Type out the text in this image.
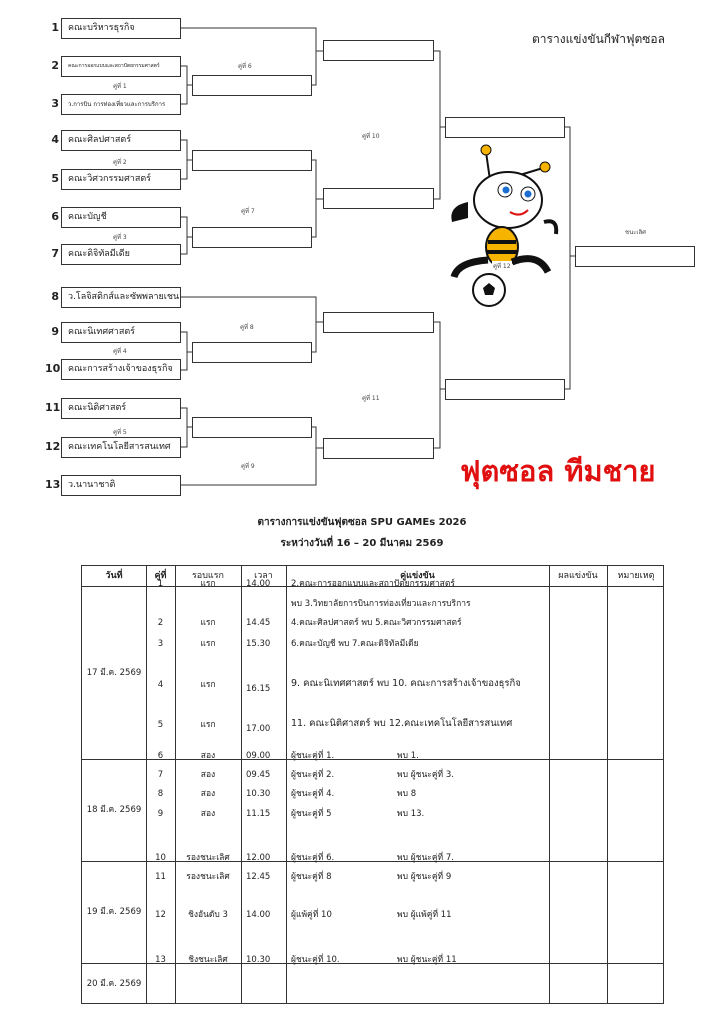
ตารางแข่งขันกีฬาฟุตซอล
1	คณะบริหารธุรกิจ
2	คณะการออกแบบและสถาปัตยกรรมศาสตร์
3	ว.การบิน การท่องเที่ยวและการบริการ
4	คณะศิลปศาสตร์
5	คณะวิศวกรรมศาสตร์
6	คณะบัญชี
7	คณะดิจิทัลมีเดีย
8	ว.โลจิสติกส์และซัพพลายเชน
9	คณะนิเทศศาสตร์
10 คณะการสร้างเจ้าของธุรกิจ
11 คณะนิติศาสตร์
12 คณะเทคโนโลยีสารสนเทศ
13 ว.นานาชาติ
ชนะเลิศ
คู่ที่ 1
คู่ที่ 2
คู่ที่ 3
คู่ที่ 4
คู่ที่ 5
คู่ที่ 6
คู่ที่ 7
คู่ที่ 8
คู่ที่ 9
คู่ที่ 10
คู่ที่ 11
คู่ที่ 12
ฟุตซอล ทีมชาย
ตารางการแข่งขันฟุตซอล SPU GAMEs 2026
ระหว่างวันที่ 16 – 20 มีนาคม 2569
วันที่	คู่ที่	รอบแรก	เวลา	คู่แข่งขัน	ผลแข่งขัน	หมายเหตุ
17 มี.ค. 2569
1	แรก	14.00 2.คณะการออกแบบและสถาปัตยกรรมศาสตร์
พบ 3.วิทยาลัยการบินการท่องเที่ยวและการบริการ
2	แรก	14.45 4.คณะศิลปศาสตร์ พบ 5.คณะวิศวกรรมศาสตร์
3	แรก	15.30 6.คณะบัญชี พบ 7.คณะดิจิทัลมีเดีย
4	แรก	16.15 9. คณะนิเทศศาสตร์ พบ 10. คณะการสร้างเจ้าของธุรกิจ
5	แรก	17.00 11. คณะนิติศาสตร์ พบ 12.คณะเทคโนโลยีสารสนเทศ
18 มี.ค. 2569
6	สอง	09.00 ผู้ชนะคู่ที่ 1.	พบ 1.
7	สอง	09.45 ผู้ชนะคู่ที่ 2.	พบ ผู้ชนะคู่ที่ 3.
8	สอง	10.30 ผู้ชนะคู่ที่ 4.	พบ 8
9	สอง	11.15 ผู้ชนะคู่ที่ 5	พบ 13.
19 มี.ค. 2569
10	รองชนะเลิศ	12.00 ผู้ชนะคู่ที่ 6.	พบ ผู้ชนะคู่ที่ 7.
11	รองชนะเลิศ	12.45 ผู้ชนะคู่ที่ 8	พบ ผู้ชนะคู่ที่ 9
12	ชิงอันดับ 3	14.00 ผู้แพ้คู่ที่ 10	พบ ผู้แพ้คู่ที่ 11
20 มี.ค. 2569
13	ชิงชนะเลิศ	10.30 ผู้ชนะคู่ที่ 10.	พบ ผู้ชนะคู่ที่ 11
